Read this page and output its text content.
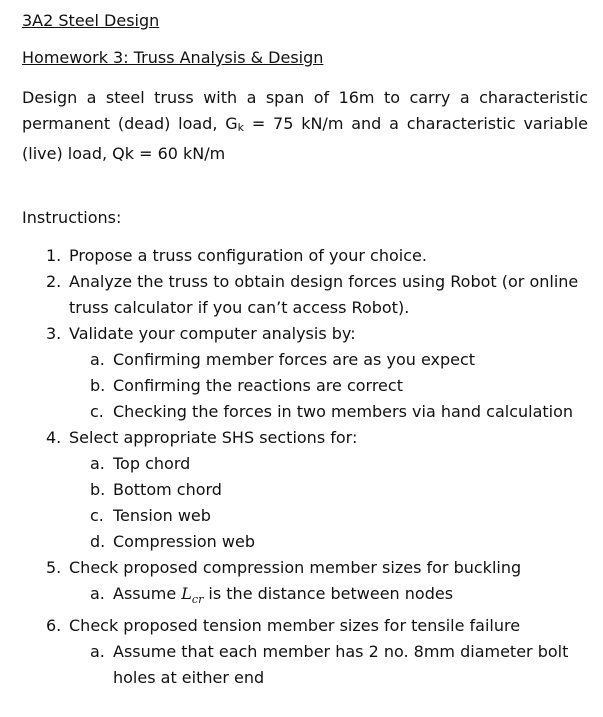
3A2 Steel Design
Homework 3: Truss Analysis & Design
Design a steel truss with a span of 16m to carry a characteristic permanent (dead) load, Gk = 75 kN/m and a characteristic variable (live) load, Qk = 60 kN/m
Instructions:
1. Propose a truss configuration of your choice.
2. Analyze the truss to obtain design forces using Robot (or online truss calculator if you can’t access Robot).
3. Validate your computer analysis by:
a. Confirming member forces are as you expect
b. Confirming the reactions are correct
c. Checking the forces in two members via hand calculation
4. Select appropriate SHS sections for:
a. Top chord
b. Bottom chord
c. Tension web
d. Compression web
5. Check proposed compression member sizes for buckling
a. Assume $L_{cr}$ is the distance between nodes
6. Check proposed tension member sizes for tensile failure
a. Assume that each member has 2 no. 8mm diameter bolt holes at either end
